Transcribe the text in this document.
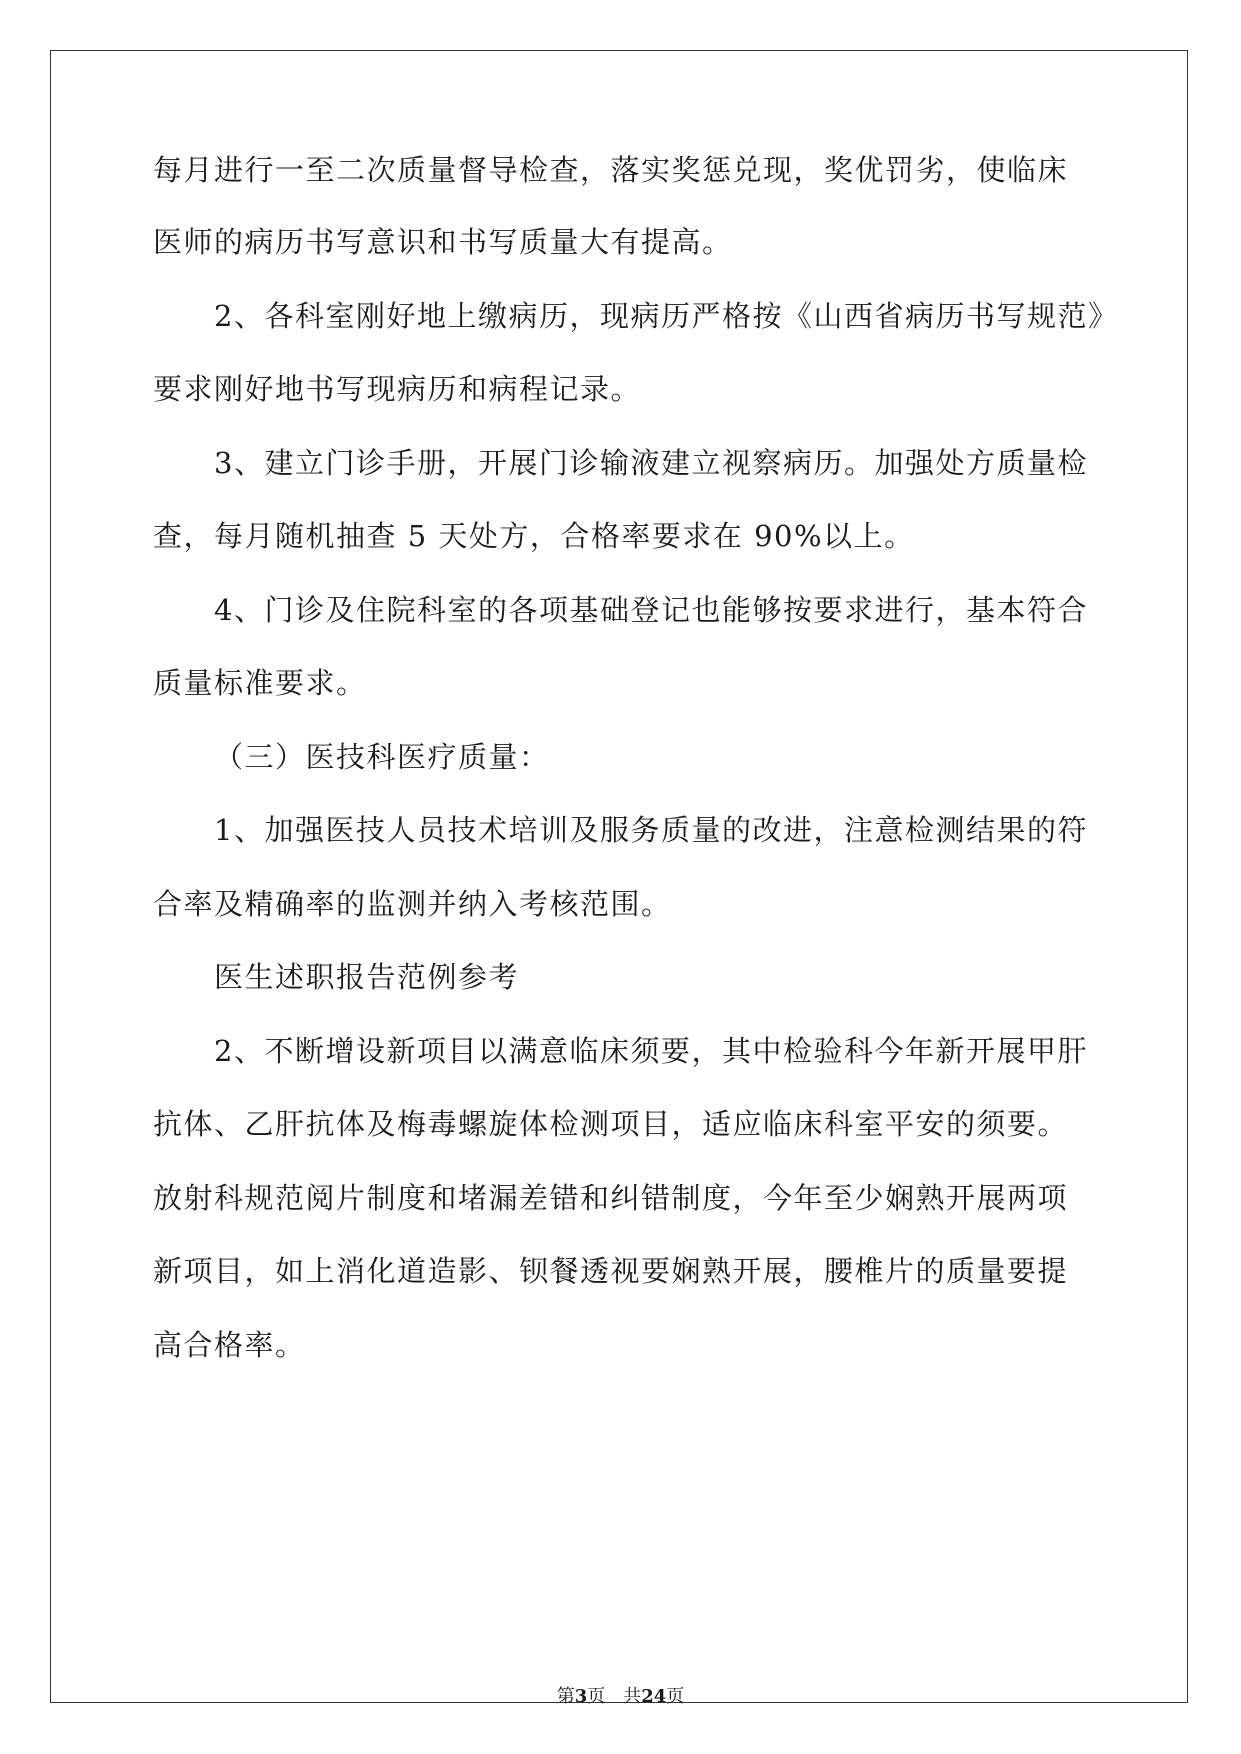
每月进行一至二次质量督导检查，落实奖惩兑现，奖优罚劣，使临床
医师的病历书写意识和书写质量大有提高。
2、各科室刚好地上缴病历，现病历严格按《山西省病历书写规范》
要求刚好地书写现病历和病程记录。
3、建立门诊手册，开展门诊输液建立视察病历。加强处方质量检
查，每月随机抽查 5 天处方，合格率要求在 90%以上。
4、门诊及住院科室的各项基础登记也能够按要求进行，基本符合
质量标准要求。
（三）医技科医疗质量：
1、加强医技人员技术培训及服务质量的改进，注意检测结果的符
合率及精确率的监测并纳入考核范围。
医生述职报告范例参考
2、不断增设新项目以满意临床须要，其中检验科今年新开展甲肝
抗体、乙肝抗体及梅毒螺旋体检测项目，适应临床科室平安的须要。
放射科规范阅片制度和堵漏差错和纠错制度，今年至少娴熟开展两项
新项目，如上消化道造影、钡餐透视要娴熟开展，腰椎片的质量要提
高合格率。
第3页 共24页
